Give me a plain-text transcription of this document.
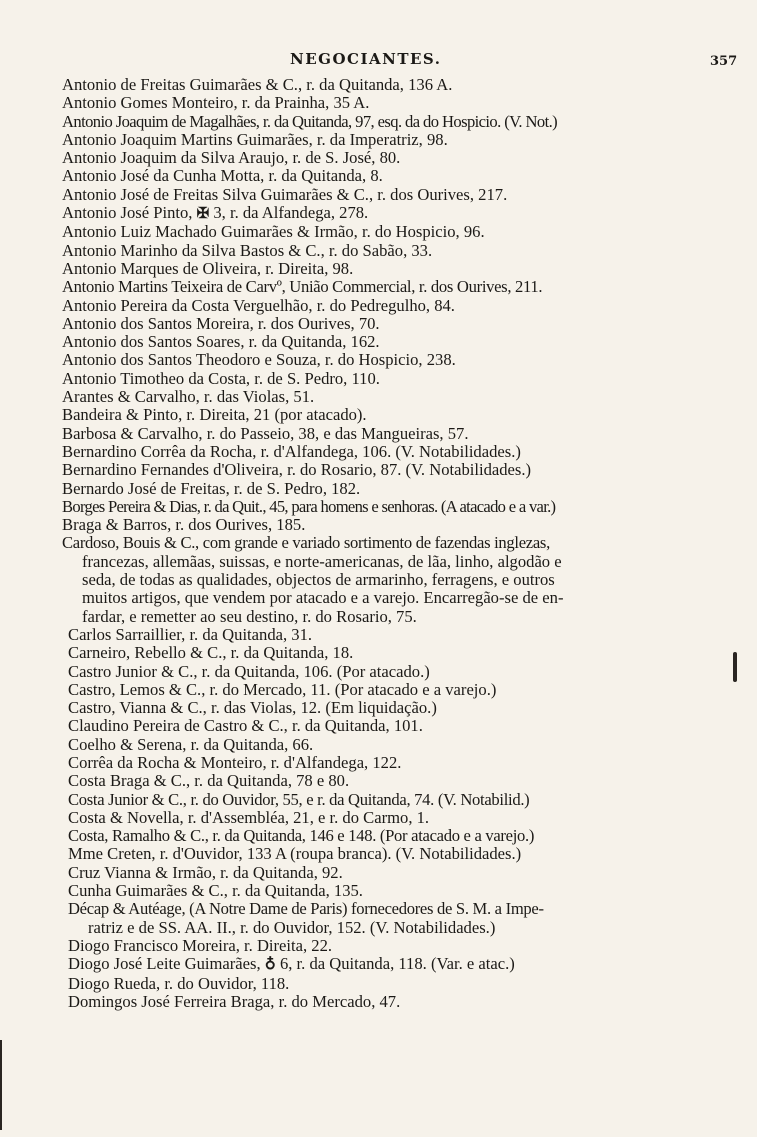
NEGOCIANTES.	357
Antonio de Freitas Guimarães & C., r. da Quitanda, 136 A.
Antonio Gomes Monteiro, r. da Prainha, 35 A.
Antonio Joaquim de Magalhães, r. da Quitanda, 97, esq. da do Hospicio. (V. Not.)
Antonio Joaquim Martins Guimarães, r. da Imperatriz, 98.
Antonio Joaquim da Silva Araujo, r. de S. José, 80.
Antonio José da Cunha Motta, r. da Quitanda, 8.
Antonio José de Freitas Silva Guimarães & C., r. dos Ourives, 217.
Antonio José Pinto, ✠ 3, r. da Alfandega, 278.
Antonio Luiz Machado Guimarães & Irmão, r. do Hospicio, 96.
Antonio Marinho da Silva Bastos & C., r. do Sabão, 33.
Antonio Marques de Oliveira, r. Direita, 98.
Antonio Martins Teixeira de Carvº, União Commercial, r. dos Ourives, 211.
Antonio Pereira da Costa Verguelhão, r. do Pedregulho, 84.
Antonio dos Santos Moreira, r. dos Ourives, 70.
Antonio dos Santos Soares, r. da Quitanda, 162.
Antonio dos Santos Theodoro e Souza, r. do Hospicio, 238.
Antonio Timotheo da Costa, r. de S. Pedro, 110.
Arantes & Carvalho, r. das Violas, 51.
Bandeira & Pinto, r. Direita, 21 (por atacado).
Barbosa & Carvalho, r. do Passeio, 38, e das Mangueiras, 57.
Bernardino Corrêa da Rocha, r. d'Alfandega, 106. (V. Notabilidades.)
Bernardino Fernandes d'Oliveira, r. do Rosario, 87. (V. Notabilidades.)
Bernardo José de Freitas, r. de S. Pedro, 182.
Borges Pereira & Dias, r. da Quit., 45, para homens e senhoras. (A atacado e a var.)
Braga & Barros, r. dos Ourives, 185.
Cardoso, Bouis & C., com grande e variado sortimento de fazendas inglezas,
francezas, allemãas, suissas, e norte-americanas, de lãa, linho, algodão e
seda, de todas as qualidades, objectos de armarinho, ferragens, e outros
muitos artigos, que vendem por atacado e a varejo. Encarregão-se de en-
fardar, e remetter ao seu destino, r. do Rosario, 75.
Carlos Sarraillier, r. da Quitanda, 31.
Carneiro, Rebello & C., r. da Quitanda, 18.
Castro Junior & C., r. da Quitanda, 106. (Por atacado.)
Castro, Lemos & C., r. do Mercado, 11. (Por atacado e a varejo.)
Castro, Vianna & C., r. das Violas, 12. (Em liquidação.)
Claudino Pereira de Castro & C., r. da Quitanda, 101.
Coelho & Serena, r. da Quitanda, 66.
Corrêa da Rocha & Monteiro, r. d'Alfandega, 122.
Costa Braga & C., r. da Quitanda, 78 e 80.
Costa Junior & C., r. do Ouvidor, 55, e r. da Quitanda, 74. (V. Notabilid.)
Costa & Novella, r. d'Assembléa, 21, e r. do Carmo, 1.
Costa, Ramalho & C., r. da Quitanda, 146 e 148. (Por atacado e a varejo.)
Mme Creten, r. d'Ouvidor, 133 A (roupa branca). (V. Notabilidades.)
Cruz Vianna & Irmão, r. da Quitanda, 92.
Cunha Guimarães & C., r. da Quitanda, 135.
Décap & Autéage, (A Notre Dame de Paris) fornecedores de S. M. a Impe-
ratriz e de SS. AA. II., r. do Ouvidor, 152. (V. Notabilidades.)
Diogo Francisco Moreira, r. Direita, 22.
Diogo José Leite Guimarães, ♁ 6, r. da Quitanda, 118. (Var. e atac.)
Diogo Rueda, r. do Ouvidor, 118.
Domingos José Ferreira Braga, r. do Mercado, 47.
